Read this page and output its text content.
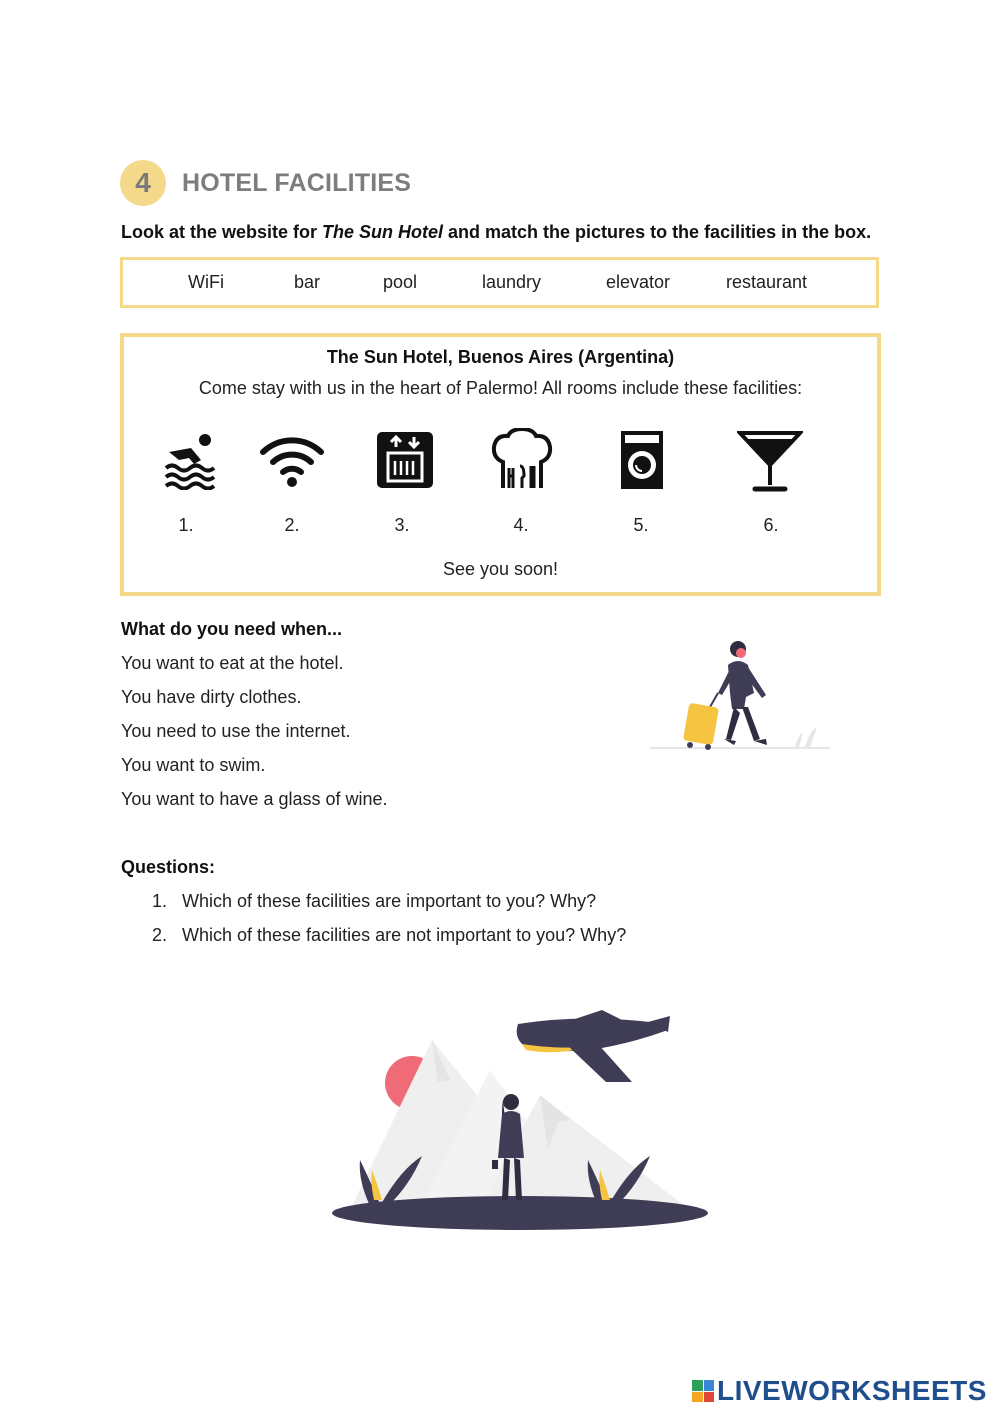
4	HOTEL FACILITIES
Look at the website for The Sun Hotel and match the pictures to the facilities in the box.
WiFi	bar	pool	laundry	elevator	restaurant
The Sun Hotel, Buenos Aires (Argentina)
Come stay with us in the heart of Palermo! All rooms include these facilities:
1.	2.	3.	4.	5.	6.
See you soon!
What do you need when...
You want to eat at the hotel.
You have dirty clothes.
You need to use the internet.
You want to swim.
You want to have a glass of wine.
Questions:
1. Which of these facilities are important to you? Why?
2. Which of these facilities are not important to you? Why?
LIVEWORKSHEETS
